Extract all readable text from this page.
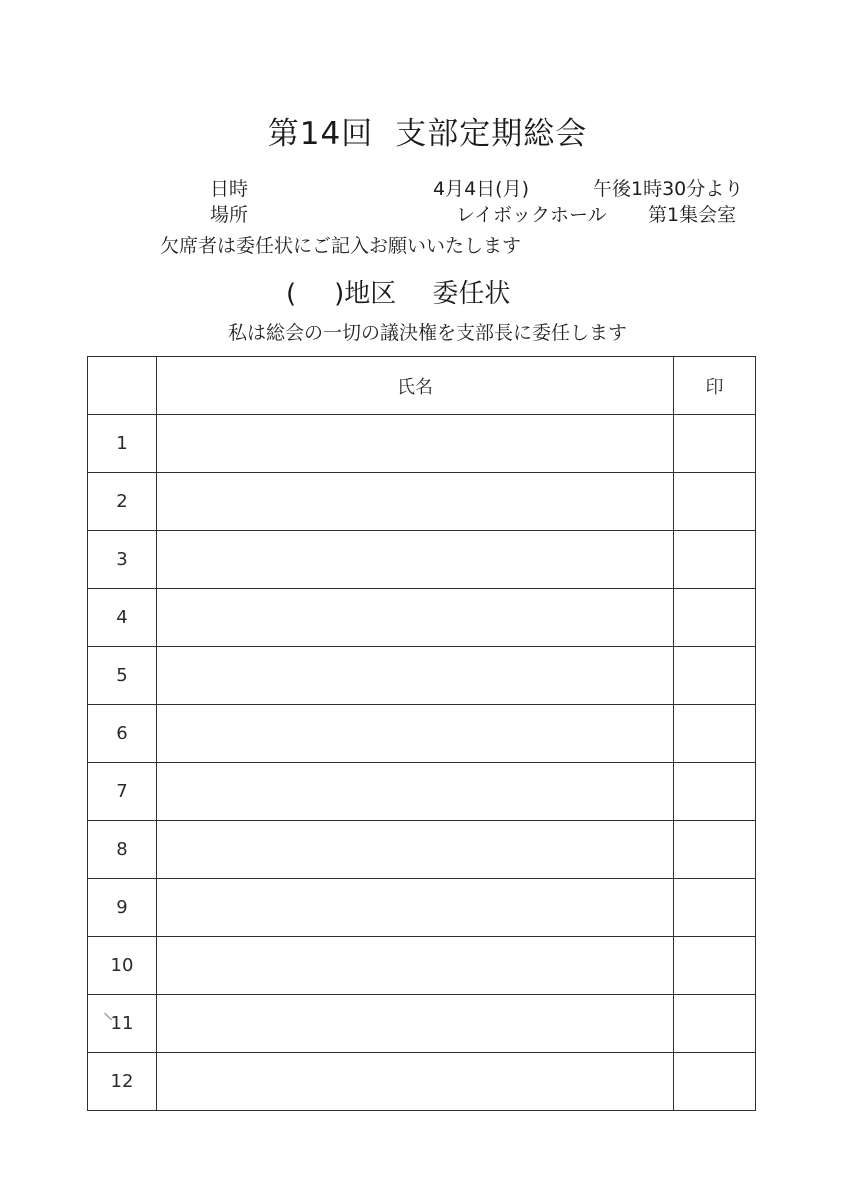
第14回 支部定期総会
日時	4月4日(月)	午後1時30分より
場所	レイボックホール 第1集会室
欠席者は委任状にご記入お願いいたします
( )地区 委任状
私は総会の一切の議決権を支部長に委任します
	氏名	印
1		
2		
3		
4		
5		
6		
7		
8		
9		
10		
11		
12		
